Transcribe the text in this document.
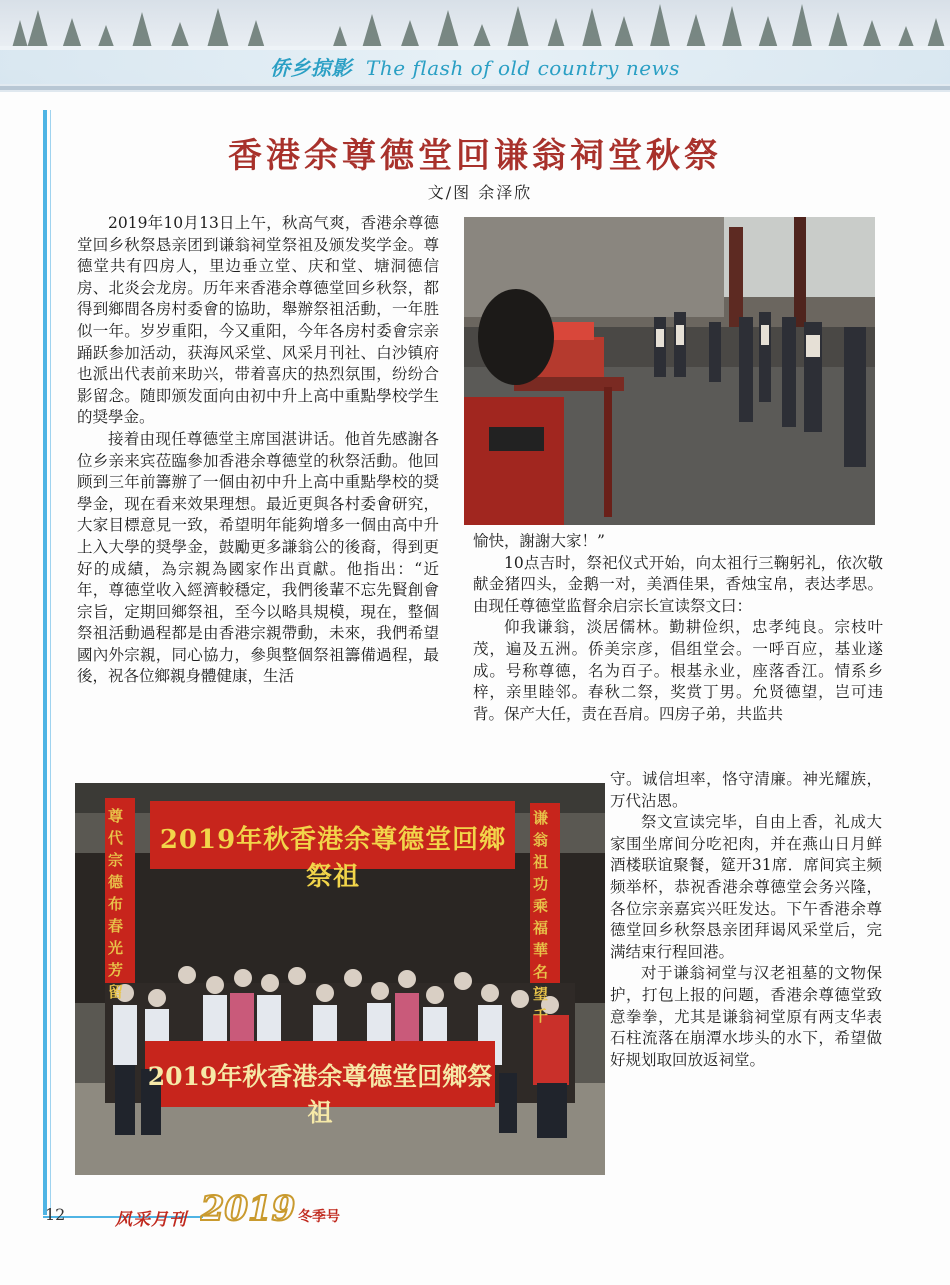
侨乡掠影 The flash of old country news
香港余尊德堂回谦翁祠堂秋祭
文/图 余泽欣

2019年10月13日上午，秋高气爽，香港余尊德堂回乡秋祭恳亲团到谦翁祠堂祭祖及颁发奖学金。尊德堂共有四房人，里边垂立堂、庆和堂、塘洞德信房、北炎会龙房。历年来香港余尊德堂回乡秋祭，都得到鄉間各房村委會的協助，舉辦祭祖活動，一年胜似一年。岁岁重阳，今又重阳，今年各房村委會宗亲踊跃参加活动，获海风采堂、风采月刊社、白沙镇府也派出代表前来助兴，带着喜庆的热烈氛围，纷纷合影留念。随即颁发面向由初中升上高中重點學校学生的奨學金。

接着由现任尊德堂主席国湛讲话。他首先感謝各位乡亲来宾莅臨參加香港余尊德堂的秋祭活動。他回顾到三年前籌辦了一個由初中升上高中重點學校的奨學金，现在看来效果理想。最近更與各村委會研究，大家目標意見一致，希望明年能夠增多一個由高中升上入大學的奨學金，鼓勵更多謙翁公的後裔，得到更好的成績，為宗親為國家作出貢獻。他指出：“近年，尊德堂收入經濟較穩定，我們後輩不忘先賢創會宗旨，定期回鄉祭祖，至今以略具規模，現在，整個祭祖活動過程都是由香港宗親帶動，未來，我們希望國內外宗親，同心協力，參與整個祭祖籌備過程，最後，祝各位鄉親身體健康，生活

愉快，謝謝大家！”

10点吉时，祭祀仪式开始，向太祖行三鞠躬礼，依次敬献金猪四头，金鹅一对，美酒佳果，香烛宝帛，表达孝思。由现任尊德堂监督余启宗长宣读祭文曰：

仰我谦翁，淡居儒林。勤耕俭织，忠孝纯良。宗枝叶茂，遍及五洲。侨美宗彦，倡组堂会。一呼百应，基业遂成。号称尊德，名为百子。根基永业，座落香江。情系乡梓，亲里睦邻。春秋二祭，奖赏丁男。允贤德望，岂可违背。保产大任，责在吾肩。四房子弟，共监共

2019年秋香港余尊德堂回鄉祭祖
2019年秋香港余尊德堂回鄉祭祖
尊代宗德布春光芳留
谦翁祖功乘福華名望千

守。诚信坦率，恪守清廉。神光耀族，万代沾恩。

祭文宣读完毕，自由上香，礼成大家围坐席间分吃祀肉，并在燕山日月鲜酒楼联谊聚餐，筵开31席．席间宾主频频举杯，恭祝香港余尊德堂会务兴隆，各位宗亲嘉宾兴旺发达。下午香港余尊德堂回乡秋祭恳亲团拜谒风采堂后，完满结束行程回港。

对于谦翁祠堂与汉老祖墓的文物保护，打包上报的问题，香港余尊德堂致意拳拳，尤其是谦翁祠堂原有两支华表石柱流落在崩潭水埗头的水下，希望做好规划取回放返祠堂。

12	风采月刊 2019 冬季号
